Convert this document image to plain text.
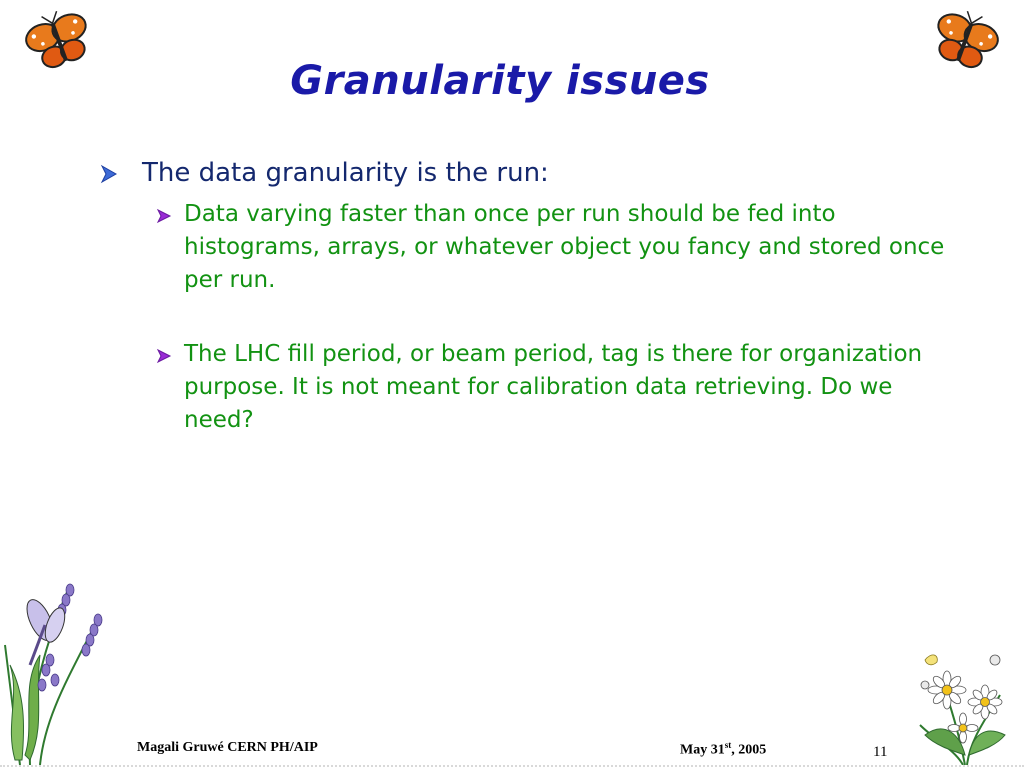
Granularity issues
The data granularity is the run:
Data varying faster than once per run should be fed into histograms, arrays, or whatever object you fancy and stored once per run.
The LHC fill period, or beam period, tag is there for organization purpose. It is not meant for calibration data retrieving. Do we need?
Magali Gruwé CERN PH/AIP	May 31st, 2005	11
